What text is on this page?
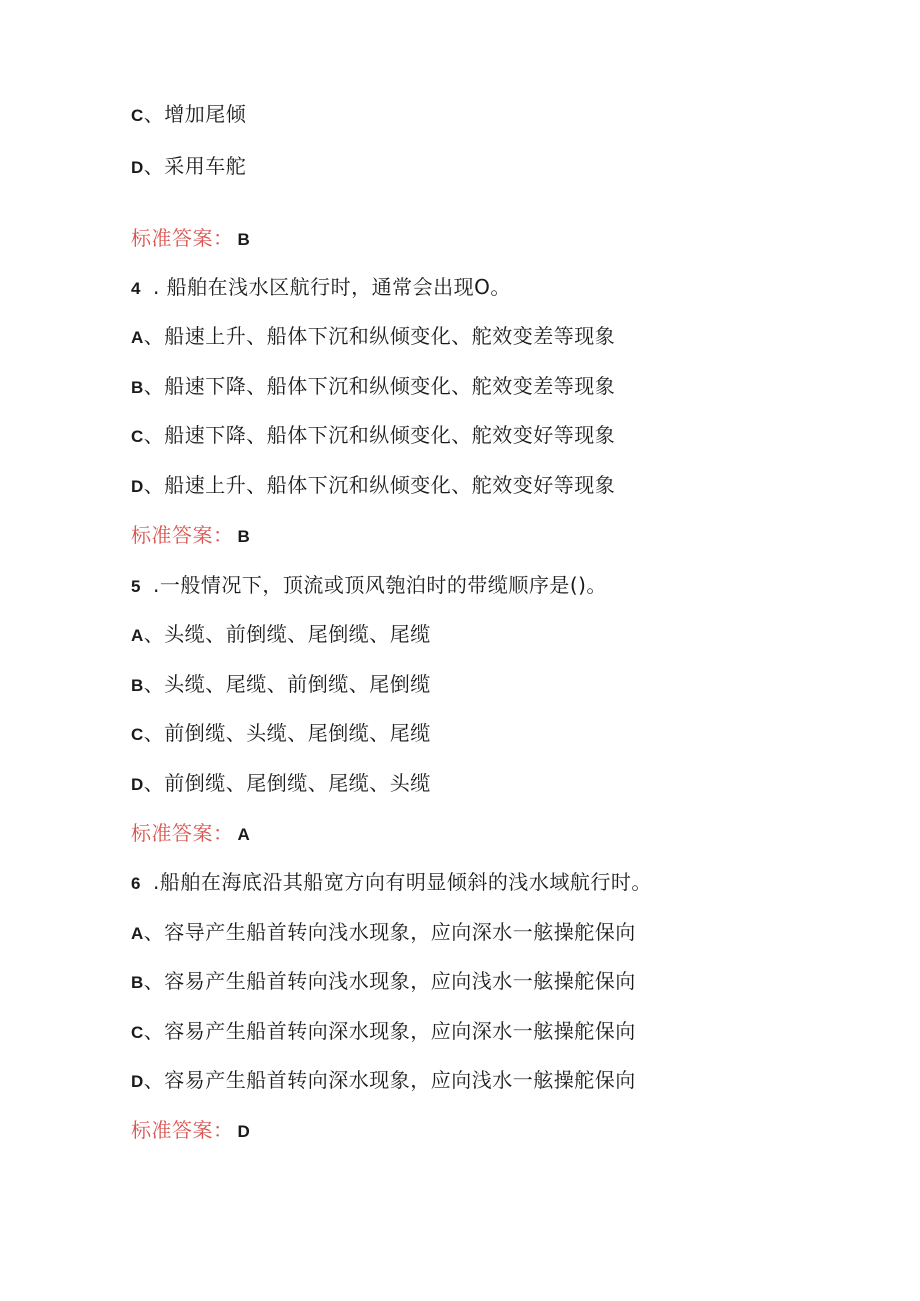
C、增加尾倾
D、采用车舵
标准答案： B
4 . 船舶在浅水区航行时，通常会出现O。
A、船速上升、船体下沉和纵倾变化、舵效变差等现象
B、船速下降、船体下沉和纵倾变化、舵效变差等现象
C、船速下降、船体下沉和纵倾变化、舵效变好等现象
D、船速上升、船体下沉和纵倾变化、舵效变好等现象
标准答案： B
5 .一般情况下，顶流或顶风匏泊时的带缆顺序是()。
A、头缆、前倒缆、尾倒缆、尾缆
B、头缆、尾缆、前倒缆、尾倒缆
C、前倒缆、头缆、尾倒缆、尾缆
D、前倒缆、尾倒缆、尾缆、头缆
标准答案： A
6 .船舶在海底沿其船宽方向有明显倾斜的浅水域航行时。
A、容导产生船首转向浅水现象，应向深水一舷操舵保向
B、容易产生船首转向浅水现象，应向浅水一舷操舵保向
C、容易产生船首转向深水现象，应向深水一舷操舵保向
D、容易产生船首转向深水现象，应向浅水一舷操舵保向
标准答案： D
